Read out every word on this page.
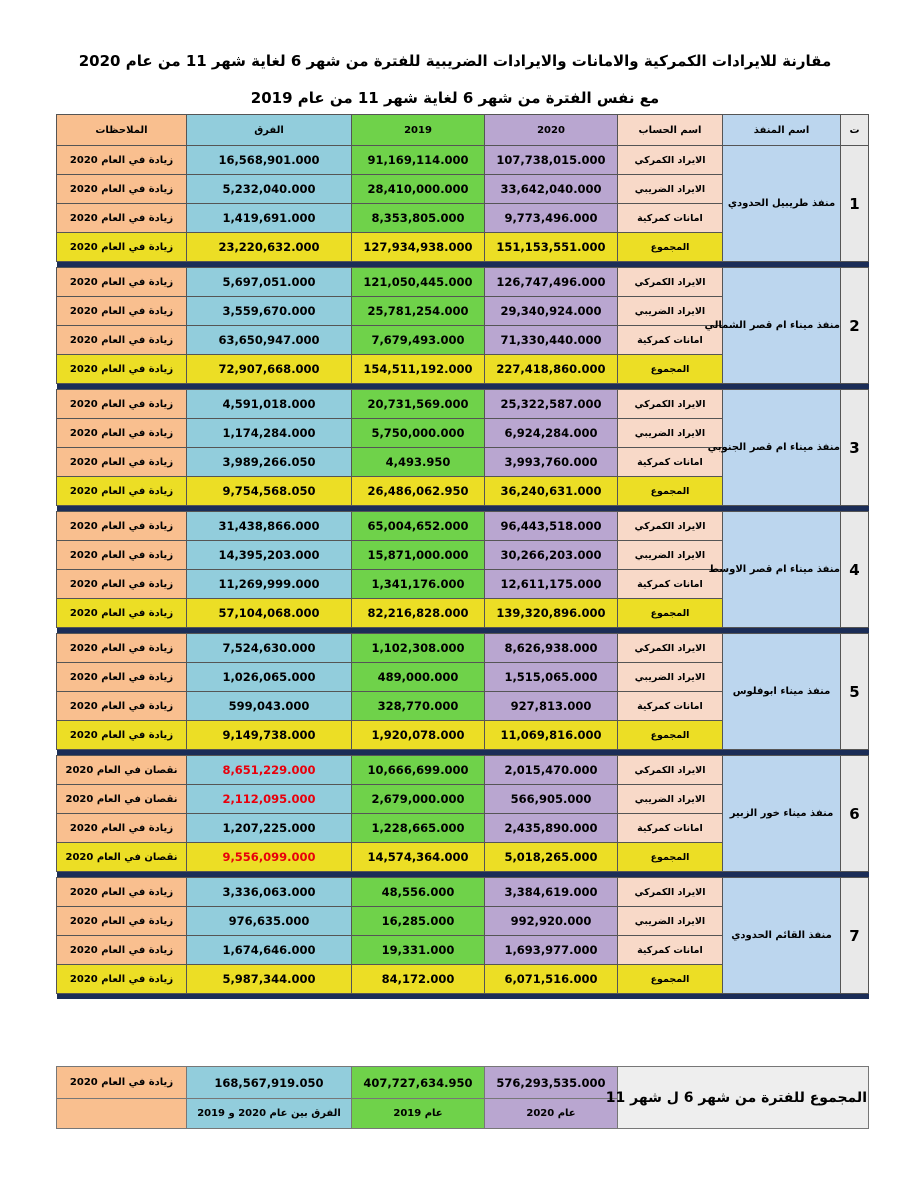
مقارنة للايرادات الكمركية والامانات والايرادات الضريبية للفترة من شهر 6 لغاية شهر 11 من عام 2020
مع نفس الفترة من شهر 6 لغاية شهر 11 من عام 2019
ت	اسم المنفذ	اسم الحساب	2020	2019	الفرق	الملاحظات
1	منفذ طريبيل الحدودي	الايراد الكمركي	107,738,015.000	91,169,114.000	16,568,901.000	زيادة في العام 2020
		الايراد الضريبي	33,642,040.000	28,410,000.000	5,232,040.000	زيادة في العام 2020
		امانات كمركية	9,773,496.000	8,353,805.000	1,419,691.000	زيادة في العام 2020
		المجموع	151,153,551.000	127,934,938.000	23,220,632.000	زيادة في العام 2020

2	منفذ ميناء ام قصر الشمالي	الايراد الكمركي	126,747,496.000	121,050,445.000	5,697,051.000	زيادة في العام 2020
		الايراد الضريبي	29,340,924.000	25,781,254.000	3,559,670.000	زيادة في العام 2020
		امانات كمركية	71,330,440.000	7,679,493.000	63,650,947.000	زيادة في العام 2020
		المجموع	227,418,860.000	154,511,192.000	72,907,668.000	زيادة في العام 2020

3	منفذ ميناء ام قصر الجنوبي	الايراد الكمركي	25,322,587.000	20,731,569.000	4,591,018.000	زيادة في العام 2020
		الايراد الضريبي	6,924,284.000	5,750,000.000	1,174,284.000	زيادة في العام 2020
		امانات كمركية	3,993,760.000	4,493.950	3,989,266.050	زيادة في العام 2020
		المجموع	36,240,631.000	26,486,062.950	9,754,568.050	زيادة في العام 2020

4	منفذ ميناء ام قصر الاوسط	الايراد الكمركي	96,443,518.000	65,004,652.000	31,438,866.000	زيادة في العام 2020
		الايراد الضريبي	30,266,203.000	15,871,000.000	14,395,203.000	زيادة في العام 2020
		امانات كمركية	12,611,175.000	1,341,176.000	11,269,999.000	زيادة في العام 2020
		المجموع	139,320,896.000	82,216,828.000	57,104,068.000	زيادة في العام 2020

5	منفذ ميناء ابوفلوس	الايراد الكمركي	8,626,938.000	1,102,308.000	7,524,630.000	زيادة في العام 2020
		الايراد الضريبي	1,515,065.000	489,000.000	1,026,065.000	زيادة في العام 2020
		امانات كمركية	927,813.000	328,770.000	599,043.000	زيادة في العام 2020
		المجموع	11,069,816.000	1,920,078.000	9,149,738.000	زيادة في العام 2020

6	منفذ ميناء خور الزبير	الايراد الكمركي	2,015,470.000	10,666,699.000	8,651,229.000	نقصان في العام 2020
		الايراد الضريبي	566,905.000	2,679,000.000	2,112,095.000	نقصان في العام 2020
		امانات كمركية	2,435,890.000	1,228,665.000	1,207,225.000	زيادة في العام 2020
		المجموع	5,018,265.000	14,574,364.000	9,556,099.000	نقصان في العام 2020

7	منفذ القائم الحدودي	الايراد الكمركي	3,384,619.000	48,556.000	3,336,063.000	زيادة في العام 2020
		الايراد الضريبي	992,920.000	16,285.000	976,635.000	زيادة في العام 2020
		امانات كمركية	1,693,977.000	19,331.000	1,674,646.000	زيادة في العام 2020
		المجموع	6,071,516.000	84,172.000	5,987,344.000	زيادة في العام 2020

المجموع للفترة من شهر 6 ل شهر 11	576,293,535.000	407,727,634.950	168,567,919.050	زيادة في العام 2020
	عام 2020	عام 2019	الفرق بين عام 2020 و 2019	
